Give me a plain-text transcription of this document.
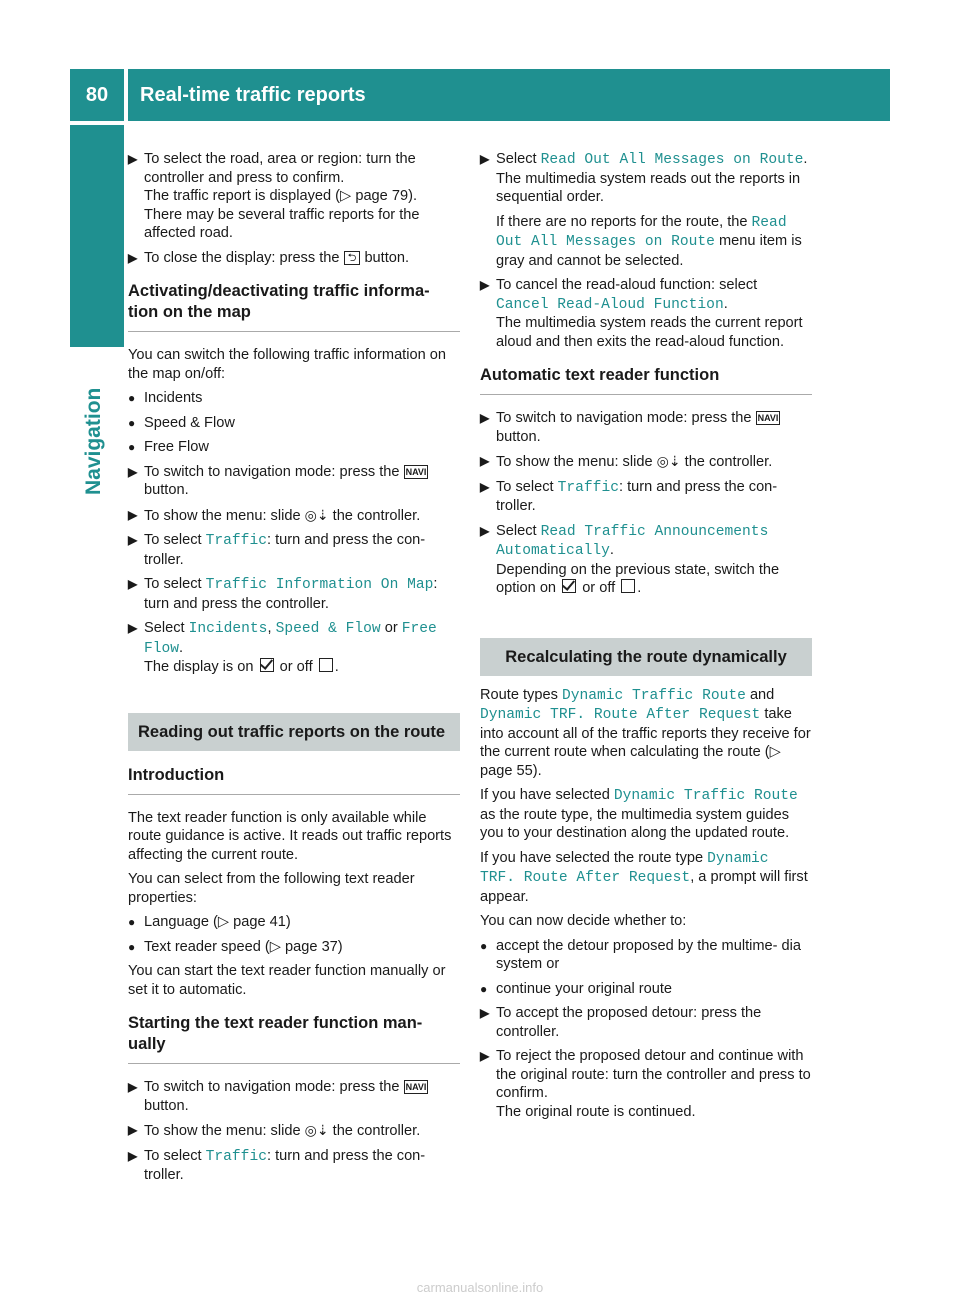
80	Real-time traffic reports
Navigation
▶ To select the road, area or region: turn the controller and press to confirm.
The traffic report is displayed (▷ page 79).
There may be several traffic reports for the affected road.
▶ To close the display: press the ⮌ button.
Activating/deactivating traffic informa- tion on the map

You can switch the following traffic information on the map on/off:

● Incidents
● Speed & Flow
● Free Flow
▶ To switch to navigation mode: press the NAVI button.
▶ To show the menu: slide ◎⇣ the controller.
▶ To select Traffic: turn and press the con- troller.
▶ To select Traffic Information On Map: turn and press the controller.
▶ Select Incidents, Speed & Flow or Free Flow.
The display is on or off .
Reading out traffic reports on the route
Introduction

The text reader function is only available while route guidance is active. It reads out traffic reports affecting the current route.

You can select from the following text reader properties:

● Language (▷ page 41)
● Text reader speed (▷ page 37)

You can start the text reader function manually or set it to automatic.

Starting the text reader function man- ually
▶ To switch to navigation mode: press the NAVI button.
▶ To show the menu: slide ◎⇣ the controller.
▶ To select Traffic: turn and press the con- troller.
▶ Select Read Out All Messages on Route.
The multimedia system reads out the reports in sequential order.

If there are no reports for the route, the Read Out All Messages on Route menu item is gray and cannot be selected.

▶ To cancel the read-aloud function: select Cancel Read-Aloud Function.
The multimedia system reads the current report aloud and then exits the read-aloud function.
Automatic text reader function
▶ To switch to navigation mode: press the NAVI button.
▶ To show the menu: slide ◎⇣ the controller.
▶ To select Traffic: turn and press the con- troller.
▶ Select Read Traffic Announcements Automatically.
Depending on the previous state, switch the option on or off .
Recalculating the route dynamically

Route types Dynamic Traffic Route and Dynamic TRF. Route After Request take into account all of the traffic reports they receive for the current route when calculating the route (▷ page 55).

If you have selected Dynamic Traffic Route as the route type, the multimedia system guides you to your destination along the updated route.

If you have selected the route type Dynamic TRF. Route After Request, a prompt will first appear.

You can now decide whether to:

● accept the detour proposed by the multime- dia system or
● continue your original route
▶ To accept the proposed detour: press the controller.
▶ To reject the proposed detour and continue with the original route: turn the controller and press to confirm.
The original route is continued.
carmanualsonline.info
